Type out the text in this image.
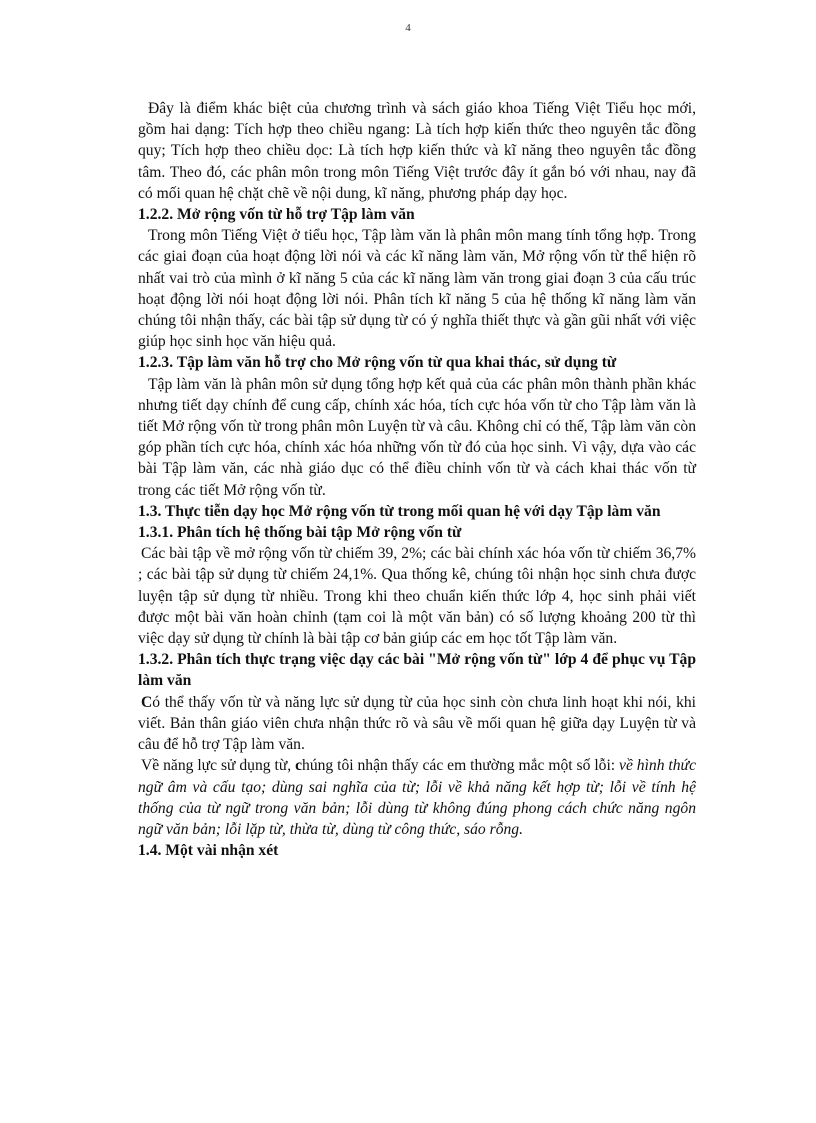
4

Đây là điểm khác biệt của chương trình và sách giáo khoa Tiếng Việt Tiểu học mới, gồm hai dạng: Tích hợp theo chiều ngang: Là tích hợp kiến thức theo nguyên tắc đồng quy; Tích hợp theo chiều dọc: Là tích hợp kiến thức và kĩ năng theo nguyên tắc đồng tâm. Theo đó, các phân môn trong môn Tiếng Việt trước đây ít gắn bó với nhau, nay đã có mối quan hệ chặt chẽ về nội dung, kĩ năng, phương pháp dạy học.

1.2.2. Mở rộng vốn từ hỗ trợ Tập làm văn

Trong môn Tiếng Việt ở tiểu học, Tập làm văn là phân môn mang tính tổng hợp. Trong các giai đoạn của hoạt động lời nói và các kĩ năng làm văn, Mở rộng vốn từ thể hiện rõ nhất vai trò của mình ở kĩ năng 5 của các kĩ năng làm văn trong giai đoạn 3 của cấu trúc hoạt động lời nói hoạt động lời nói. Phân tích kĩ năng 5 của hệ thống kĩ năng làm văn chúng tôi nhận thấy, các bài tập sử dụng từ có ý nghĩa thiết thực và gần gũi nhất với việc giúp học sinh học văn hiệu quả.

1.2.3. Tập làm văn hỗ trợ cho Mở rộng vốn từ qua khai thác, sử dụng từ

Tập làm văn là phân môn sử dụng tổng hợp kết quả của các phân môn thành phần khác nhưng tiết dạy chính để cung cấp, chính xác hóa, tích cực hóa vốn từ cho Tập làm văn là tiết Mở rộng vốn từ trong phân môn Luyện từ và câu. Không chỉ có thế, Tập làm văn còn góp phần tích cực hóa, chính xác hóa những vốn từ đó của học sinh. Vì vậy, dựa vào các bài Tập làm văn, các nhà giáo dục có thể điều chỉnh vốn từ và cách khai thác vốn từ trong các tiết Mở rộng vốn từ.

1.3. Thực tiễn dạy học Mở rộng vốn từ trong mối quan hệ với dạy Tập làm văn
1.3.1. Phân tích hệ thống bài tập Mở rộng vốn từ

Các bài tập về mở rộng vốn từ chiếm 39, 2%; các bài chính xác hóa vốn từ chiếm 36,7% ; các bài tập sử dụng từ chiếm 24,1%. Qua thống kê, chúng tôi nhận học sinh chưa được luyện tập sử dụng từ nhiều. Trong khi theo chuẩn kiến thức lớp 4, học sinh phải viết được một bài văn hoàn chỉnh (tạm coi là một văn bản) có số lượng khoảng 200 từ thì việc dạy sử dụng từ chính là bài tập cơ bản giúp các em học tốt Tập làm văn.

1.3.2. Phân tích thực trạng việc dạy các bài "Mở rộng vốn từ" lớp 4 để phục vụ Tập làm văn

Có thể thấy vốn từ và năng lực sử dụng từ của học sinh còn chưa linh hoạt khi nói, khi viết. Bản thân giáo viên chưa nhận thức rõ và sâu về mối quan hệ giữa dạy Luyện từ và câu để hỗ trợ Tập làm văn.

Về năng lực sử dụng từ, chúng tôi nhận thấy các em thường mắc một số lỗi: về hình thức ngữ âm và cấu tạo; dùng sai nghĩa của từ; lỗi về khả năng kết hợp từ; lỗi về tính hệ thống của từ ngữ trong văn bản; lỗi dùng từ không đúng phong cách chức năng ngôn ngữ văn bản; lỗi lặp từ, thừa từ, dùng từ công thức, sáo rỗng.

1.4. Một vài nhận xét
